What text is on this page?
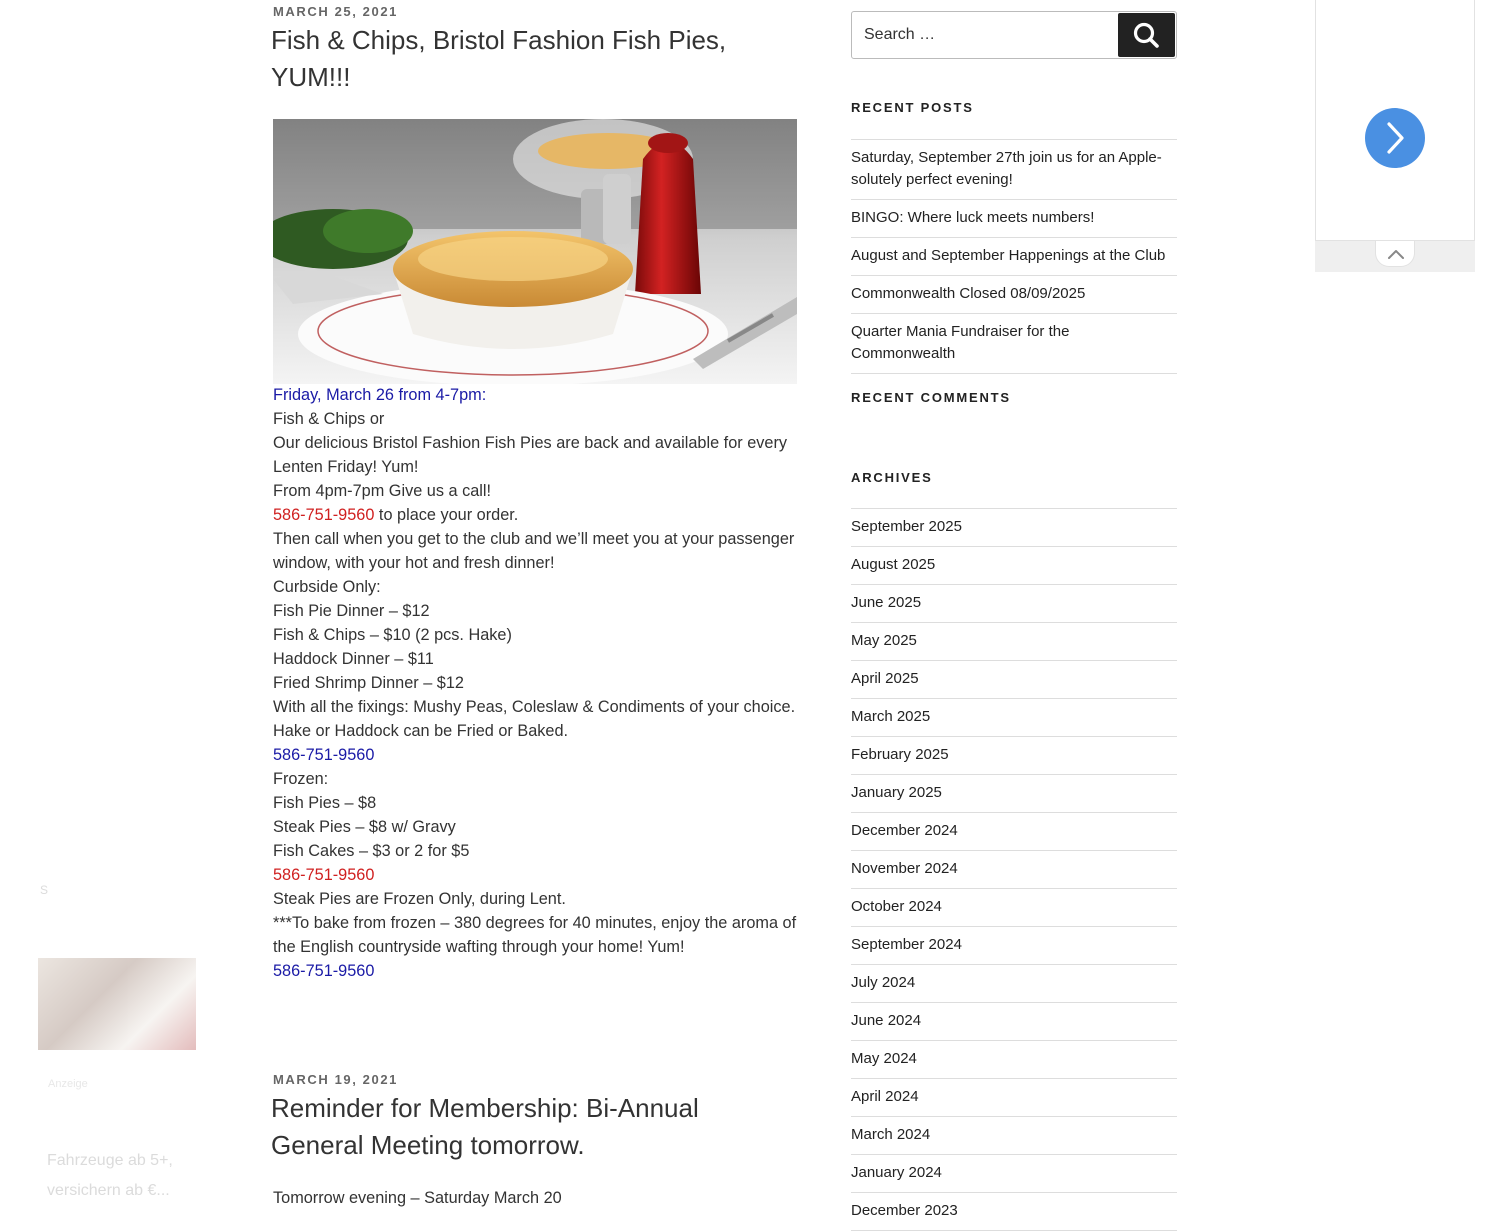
MARCH 25, 2021
Fish & Chips, Bristol Fashion Fish Pies, YUM!!!
Friday, March 26 from 4-7pm:
Fish & Chips or
Our delicious Bristol Fashion Fish Pies are back and available for every Lenten Friday! Yum!
From 4pm-7pm Give us a call!
586-751-9560 to place your order.
Then call when you get to the club and we’ll meet you at your passenger window, with your hot and fresh dinner!
Curbside Only:
Fish Pie Dinner – $12
Fish & Chips – $10 (2 pcs. Hake)
Haddock Dinner – $11
Fried Shrimp Dinner – $12
With all the fixings: Mushy Peas, Coleslaw & Condiments of your choice.
Hake or Haddock can be Fried or Baked.
586-751-9560
Frozen:
Fish Pies – $8
Steak Pies – $8 w/ Gravy
Fish Cakes – $3 or 2 for $5
586-751-9560
Steak Pies are Frozen Only, during Lent.
***To bake from frozen – 380 degrees for 40 minutes, enjoy the aroma of the English countryside wafting through your home! Yum!
586-751-9560
MARCH 19, 2021
Reminder for Membership: Bi-Annual General Meeting tomorrow.
Tomorrow evening – Saturday March 20
Search …
RECENT POSTS
Saturday, September 27th join us for an Apple-solutely perfect evening!
BINGO: Where luck meets numbers!
August and September Happenings at the Club
Commonwealth Closed 08/09/2025
Quarter Mania Fundraiser for the Commonwealth
RECENT COMMENTS
ARCHIVES
September 2025
August 2025
June 2025
May 2025
April 2025
March 2025
February 2025
January 2025
December 2024
November 2024
October 2024
September 2024
July 2024
June 2024
May 2024
April 2024
March 2024
January 2024
December 2023
S
Anzeige
Fahrzeuge ab 5+, versichern ab €...
